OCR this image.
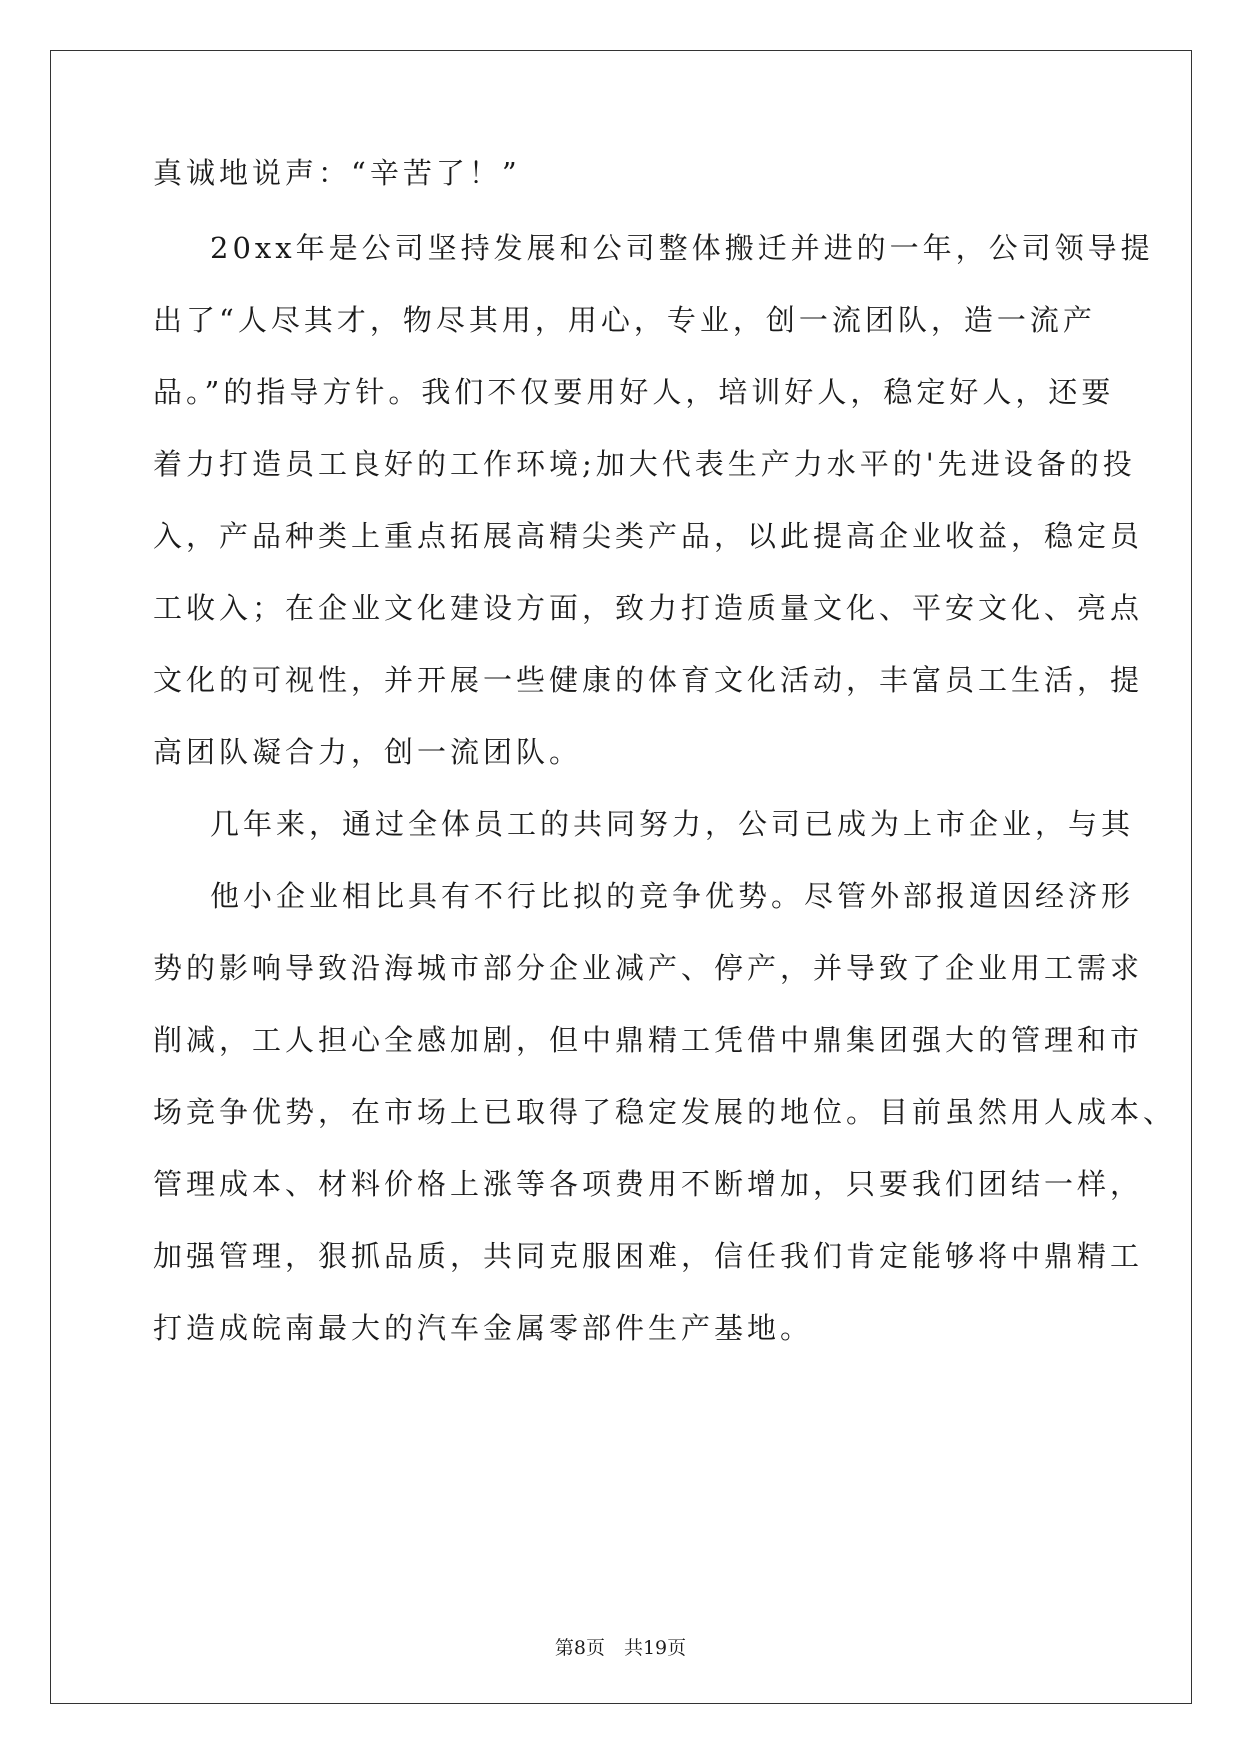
真诚地说声：“辛苦了！”
20xx年是公司坚持发展和公司整体搬迁并进的一年，公司领导提
出了“人尽其才，物尽其用，用心，专业，创一流团队，造一流产
品。”的指导方针。我们不仅要用好人，培训好人，稳定好人，还要
着力打造员工良好的工作环境;加大代表生产力水平的'先进设备的投
入，产品种类上重点拓展高精尖类产品，以此提高企业收益，稳定员
工收入；在企业文化建设方面，致力打造质量文化、平安文化、亮点
文化的可视性，并开展一些健康的体育文化活动，丰富员工生活，提
高团队凝合力，创一流团队。
几年来，通过全体员工的共同努力，公司已成为上市企业，与其
他小企业相比具有不行比拟的竞争优势。尽管外部报道因经济形
势的影响导致沿海城市部分企业减产、停产，并导致了企业用工需求
削减，工人担心全感加剧，但中鼎精工凭借中鼎集团强大的管理和市
场竞争优势，在市场上已取得了稳定发展的地位。目前虽然用人成本、
管理成本、材料价格上涨等各项费用不断增加，只要我们团结一样，
加强管理，狠抓品质，共同克服困难，信任我们肯定能够将中鼎精工
打造成皖南最大的汽车金属零部件生产基地。
第8页　共19页
